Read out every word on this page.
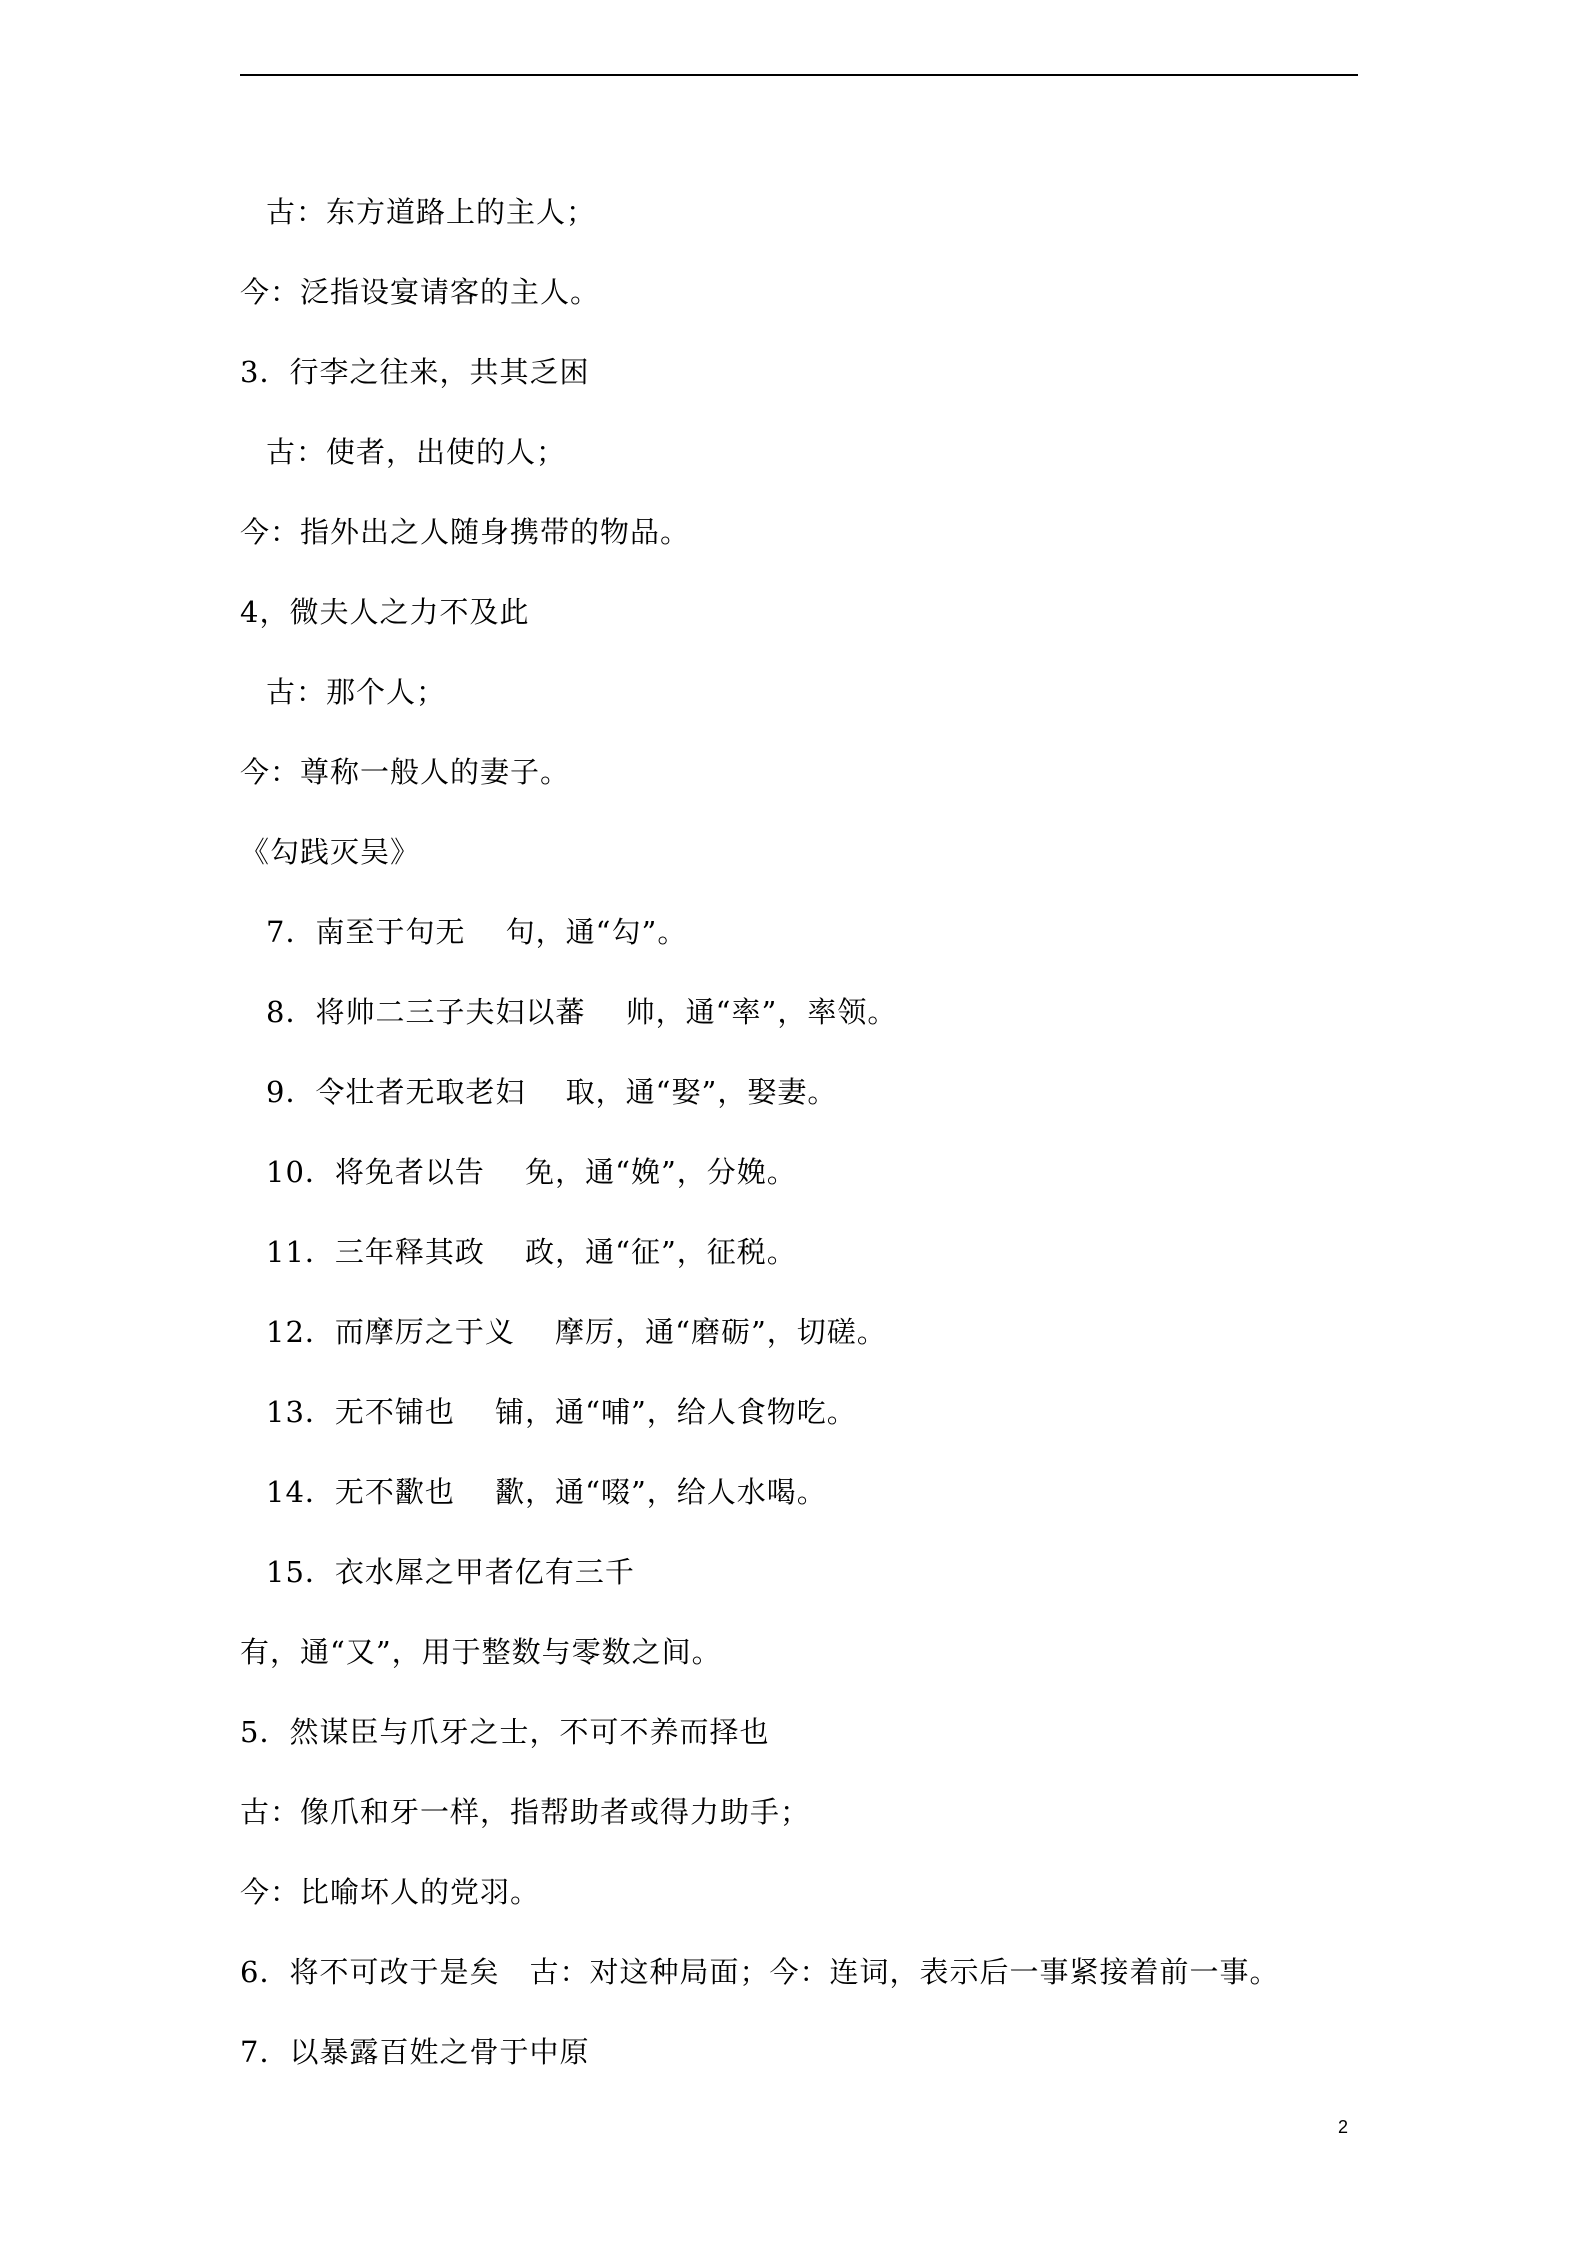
古：东方道路上的主人；
今：泛指设宴请客的主人。
3．行李之往来，共其乏困
古：使者，出使的人；
今：指外出之人随身携带的物品。
4，微夫人之力不及此
古：那个人；
今：尊称一般人的妻子。
《勾践灭吴》
7．南至于句无　 句，通“勾”。
8．将帅二三子夫妇以蕃　 帅，通“率”，率领。
9．令壮者无取老妇　 取，通“娶”，娶妻。
10．将免者以告　 免，通“娩”，分娩。
11．三年释其政　 政，通“征”，征税。
12．而摩厉之于义　 摩厉，通“磨砺”，切磋。
13．无不铺也　 铺，通“哺”，给人食物吃。
14．无不歠也　 歠，通“啜”，给人水喝。
15．衣水犀之甲者亿有三千
有，通“又”，用于整数与零数之间。
5．然谋臣与爪牙之士，不可不养而择也
古：像爪和牙一样，指帮助者或得力助手；
今：比喻坏人的党羽。
6．将不可改于是矣　古：对这种局面；今：连词，表示后一事紧接着前一事。
7．以暴露百姓之骨于中原
2
